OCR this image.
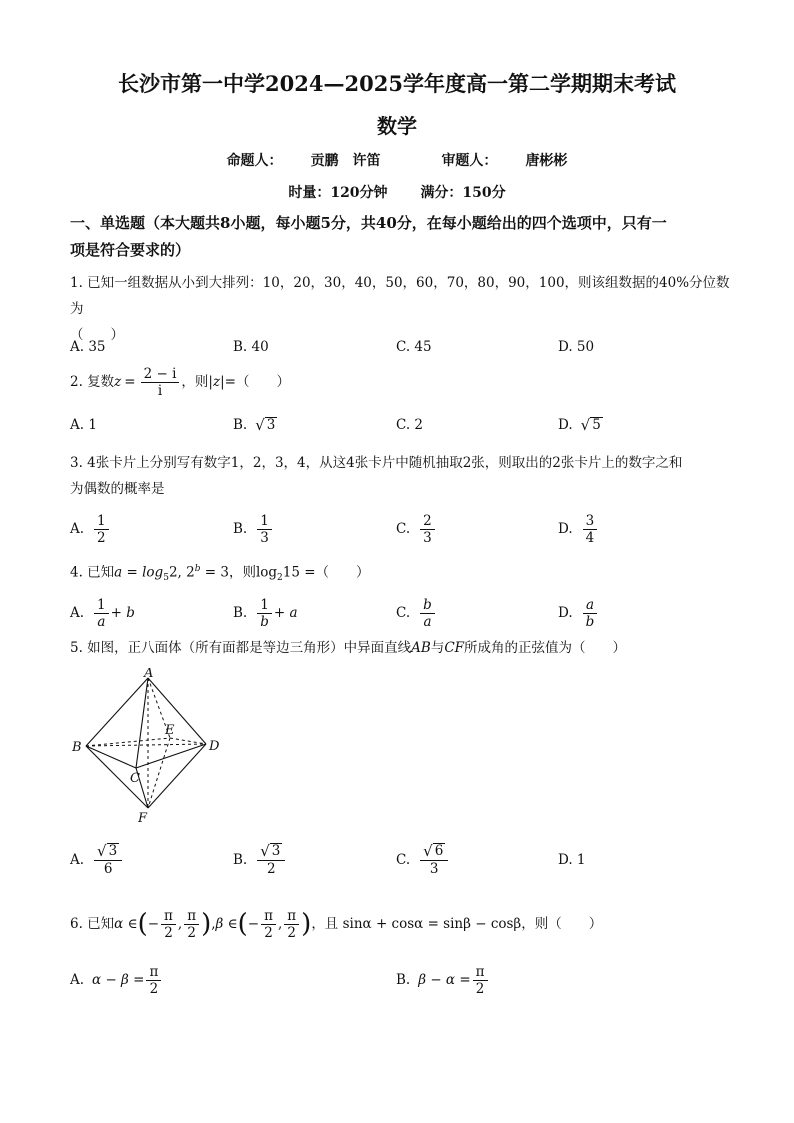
长沙市第一中学2024—2025学年度高一第二学期期末考试
数学
命题人： 贡鹏　许笛	审题人： 唐彬彬
时量：120分钟 满分：150分
一、单选题（本大题共8小题，每小题5分，共40分，在每小题给出的四个选项中，只有一
项是符合要求的）
1. 已知一组数据从小到大排列：10，20，30，40，50，60，70，80，90，100，则该组数据的40%分位数为
（　　）
A. 35	B. 40	C. 45	D. 50
2. 复数 $z = \frac{2 - i}{i}$ ，则 |z| =（　　）
A. 1	B. √ 3	C. 2	D. √ 5
3. 4张卡片上分别写有数字1，2，3，4，从这4张卡片中随机抽取2张，则取出的2张卡片上的数字之和
为偶数的概率是
A. $\frac{1}{2}$	B. $\frac{1}{3}$	C. $\frac{2}{3}$	D. $\frac{3}{4}$
4. 已知$a = \log_52$, $2^b = 3$，则$\log_215$ =（　　）
A. $\frac{1}{a} + b$	B. $\frac{1}{b} + a$	C. $\frac{b}{a}$	D. $\frac{a}{b}$
5. 如图，正八面体（所有面都是等边三角形）中异面直线AB与CF所成角的正弦值为（　　）
A
B
C
D
E
F
A. $\frac{√ 3}{6}$	B. $\frac{√ 3}{2}$	C. $\frac{√ 6}{3}$	D. 1
6. 已知 α ∈ ( − $\frac{\pi}{2}$ , $\frac{\pi}{2}$ ) , β ∈ ( − $\frac{\pi}{2}$ , $\frac{\pi}{2}$ ) ，且 sinα + cosα = sinβ − cosβ，则（　　）
A. $\alpha - \beta = \frac{\pi}{2}$	B. $\beta - \alpha = \frac{\pi}{2}$
